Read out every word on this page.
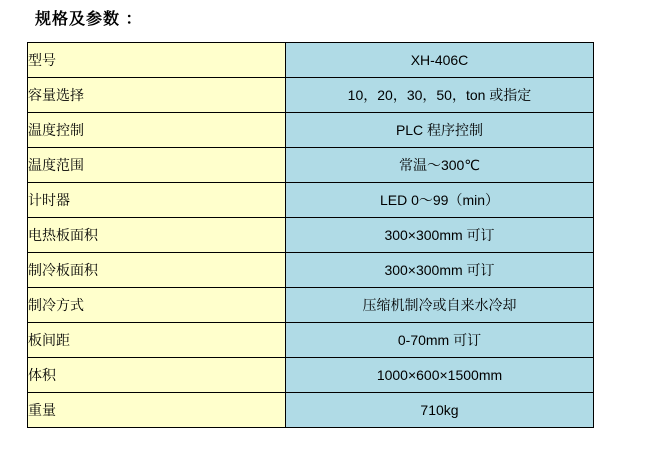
规格及参数 ：
型号	XH-406C
容量选择	10，20，30，50，ton 或指定
温度控制	PLC 程序控制
温度范围	常温～300℃
计时器	LED 0～99（min）
电热板面积	300×300mm 可订
制冷板面积	300×300mm 可订
制冷方式	压缩机制冷或自来水冷却
板间距	0-70mm 可订
体积	1000×600×1500mm
重量	710kg
